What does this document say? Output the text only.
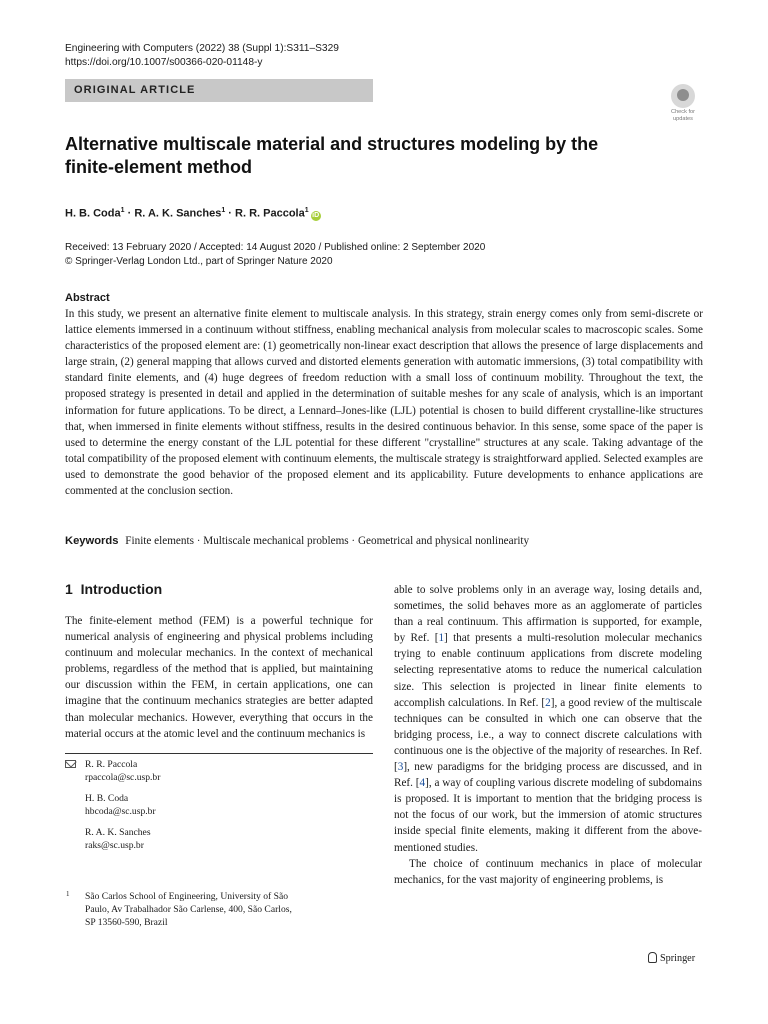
Engineering with Computers (2022) 38 (Suppl 1):S311–S329
https://doi.org/10.1007/s00366-020-01148-y
ORIGINAL ARTICLE
Check for
updates
Alternative multiscale material and structures modeling by the finite-element method
H. B. Coda$^1$ · R. A. K. Sanches$^1$ · R. R. Paccola$^1$iD
Received: 13 February 2020 / Accepted: 14 August 2020 / Published online: 2 September 2020
© Springer-Verlag London Ltd., part of Springer Nature 2020
Abstract

In this study, we present an alternative finite element to multiscale analysis. In this strategy, strain energy comes only from semi-discrete or lattice elements immersed in a continuum without stiffness, enabling mechanical analysis from molecular scales to macroscopic scales. Some characteristics of the proposed element are: (1) geometrically non-linear exact description that allows the presence of large displacements and large strain, (2) general mapping that allows curved and distorted elements generation with automatic immersions, (3) total compatibility with standard finite elements, and (4) huge degrees of freedom reduction with a small loss of continuum mobility. Throughout the text, the proposed strategy is presented in detail and applied in the determination of suitable meshes for any scale of analysis, which is an important information for future applications. To be direct, a Lennard–Jones-like (LJL) potential is chosen to build different crystalline-like structures that, when immersed in finite elements without stiffness, results in the desired continuous behavior. In this sense, some space of the paper is used to determine the energy constant of the LJL potential for these different "crystalline" structures at any scale. Taking advantage of the total compatibility of the proposed element with continuum elements, the multiscale strategy is straightforward applied. Selected examples are used to demonstrate the good behavior of the proposed element and its applicability. Future developments to enhance applications are commented at the conclusion section.

Keywords Finite elements · Multiscale mechanical problems · Geometrical and physical nonlinearity
1 Introduction

The finite-element method (FEM) is a powerful technique for numerical analysis of engineering and physical problems including continuum and molecular mechanics. In the context of mechanical problems, regardless of the method that is applied, but maintaining our discussion within the FEM, in certain applications, one can imagine that the continuum mechanics strategies are better adapted than molecular mechanics. However, everything that occurs in the material occurs at the atomic level and the continuum mechanics is

able to solve problems only in an average way, losing details and, sometimes, the solid behaves more as an agglomerate of particles than a real continuum. This affirmation is supported, for example, by Ref. [1] that presents a multi-resolution molecular mechanics trying to enable continuum applications from discrete modeling selecting representative atoms to reduce the numerical calculation size. This selection is projected in linear finite elements to accomplish calculations. In Ref. [2], a good review of the multiscale techniques can be consulted in which one can observe that the bridging process, i.e., a way to connect discrete calculations with continuous one is the objective of the majority of researches. In Ref. [3], new paradigms for the bridging process are discussed, and in Ref. [4], a way of coupling various discrete modeling of subdomains is proposed. It is important to mention that the bridging process is not the focus of our work, but the immersion of atomic structures inside special finite elements, making it different from the above-mentioned studies.

The choice of continuum mechanics in place of molecular mechanics, for the vast majority of engineering problems, is

R. R. Paccola
rpaccola@sc.usp.br
H. B. Coda
hbcoda@sc.usp.br
R. A. K. Sanches
raks@sc.usp.br
1 São Carlos School of Engineering, University of São
Paulo, Av Trabalhador São Carlense, 400, São Carlos,
SP 13560-590, Brazil
Springer
